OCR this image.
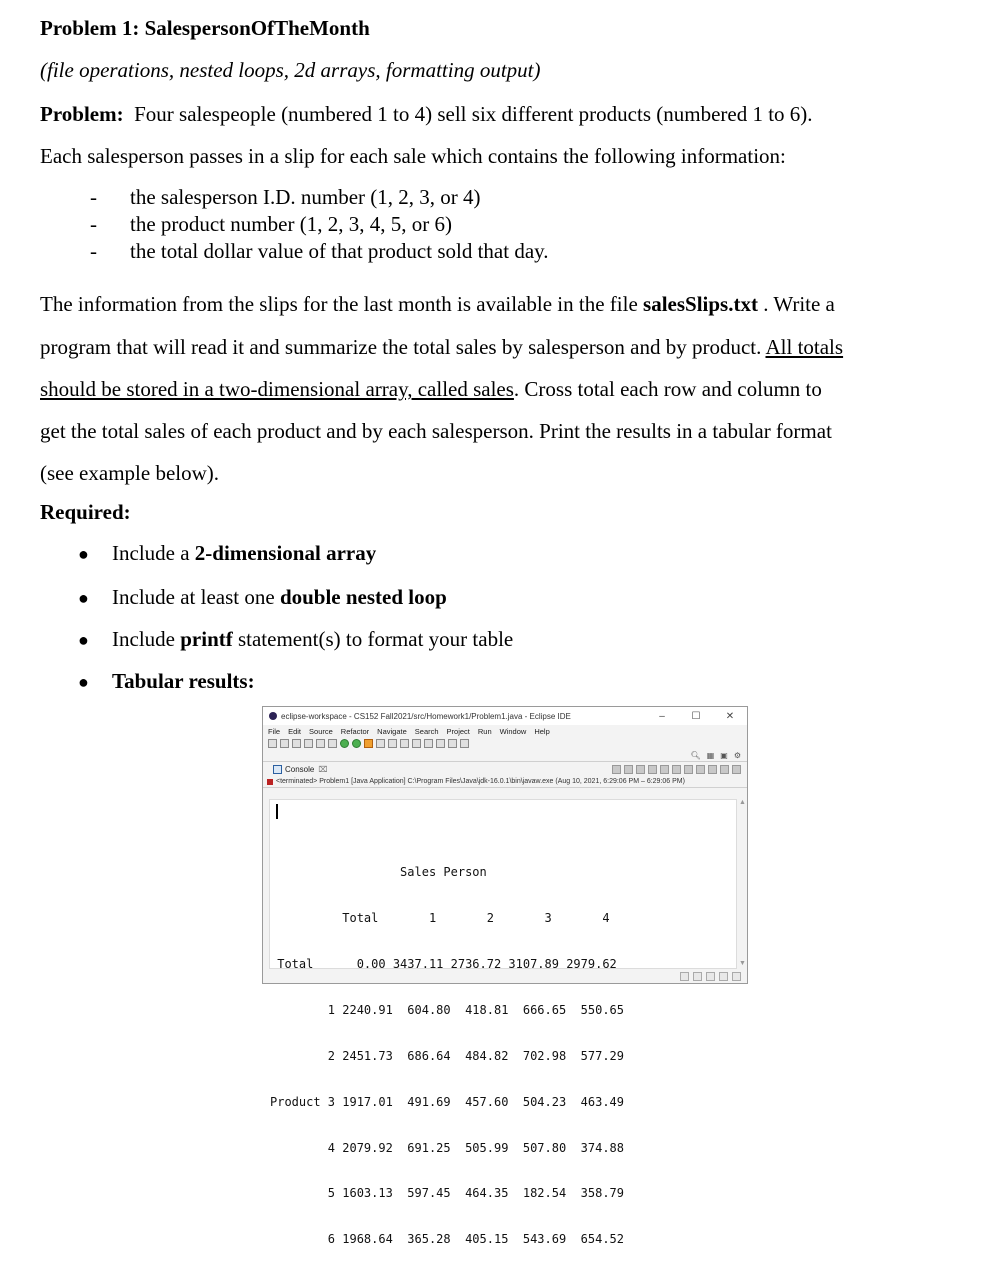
Problem 1: SalespersonOfTheMonth
(file operations, nested loops, 2d arrays, formatting output)
Problem: Four salespeople (numbered 1 to 4) sell six different products (numbered 1 to 6).
Each salesperson passes in a slip for each sale which contains the following information:
- the salesperson I.D. number (1, 2, 3, or 4)
- the product number (1, 2, 3, 4, 5, or 6)
- the total dollar value of that product sold that day.
The information from the slips for the last month is available in the file salesSlips.txt . Write a
program that will read it and summarize the total sales by salesperson and by product. All totals
should be stored in a two-dimensional array, called sales. Cross total each row and column to
get the total sales of each product and by each salesperson. Print the results in a tabular format
(see example below).
Required:
● Include a 2-dimensional array
● Include at least one double nested loop
● Include printf statement(s) to format your table
● Tabular results:
eclipse-workspace - CS152 Fall2021/src/Homework1/Problem1.java - Eclipse IDE	–	☐	✕
File Edit Source Refactor Navigate Search Project Run Window Help
🔍︎ ▦ ▣ ⚙
Console ⌧
<terminated> Problem1 [Java Application] C:\Program Files\Java\jdk-16.0.1\bin\javaw.exe (Aug 10, 2021, 6:29:06 PM – 6:29:06 PM)

Sales Person

Total       1       2       3       4

Total      0.00 3437.11 2736.72 3107.89 2979.62

1 2240.91  604.80  418.81  666.65  550.65

2 2451.73  686.64  484.82  702.98  577.29

Product 3 1917.01  491.69  457.60  504.23  463.49

4 2079.92  691.25  505.99  507.80  374.88

5 1603.13  597.45  464.35  182.54  358.79

6 1968.64  365.28  405.15  543.69  654.52

▲
▼
